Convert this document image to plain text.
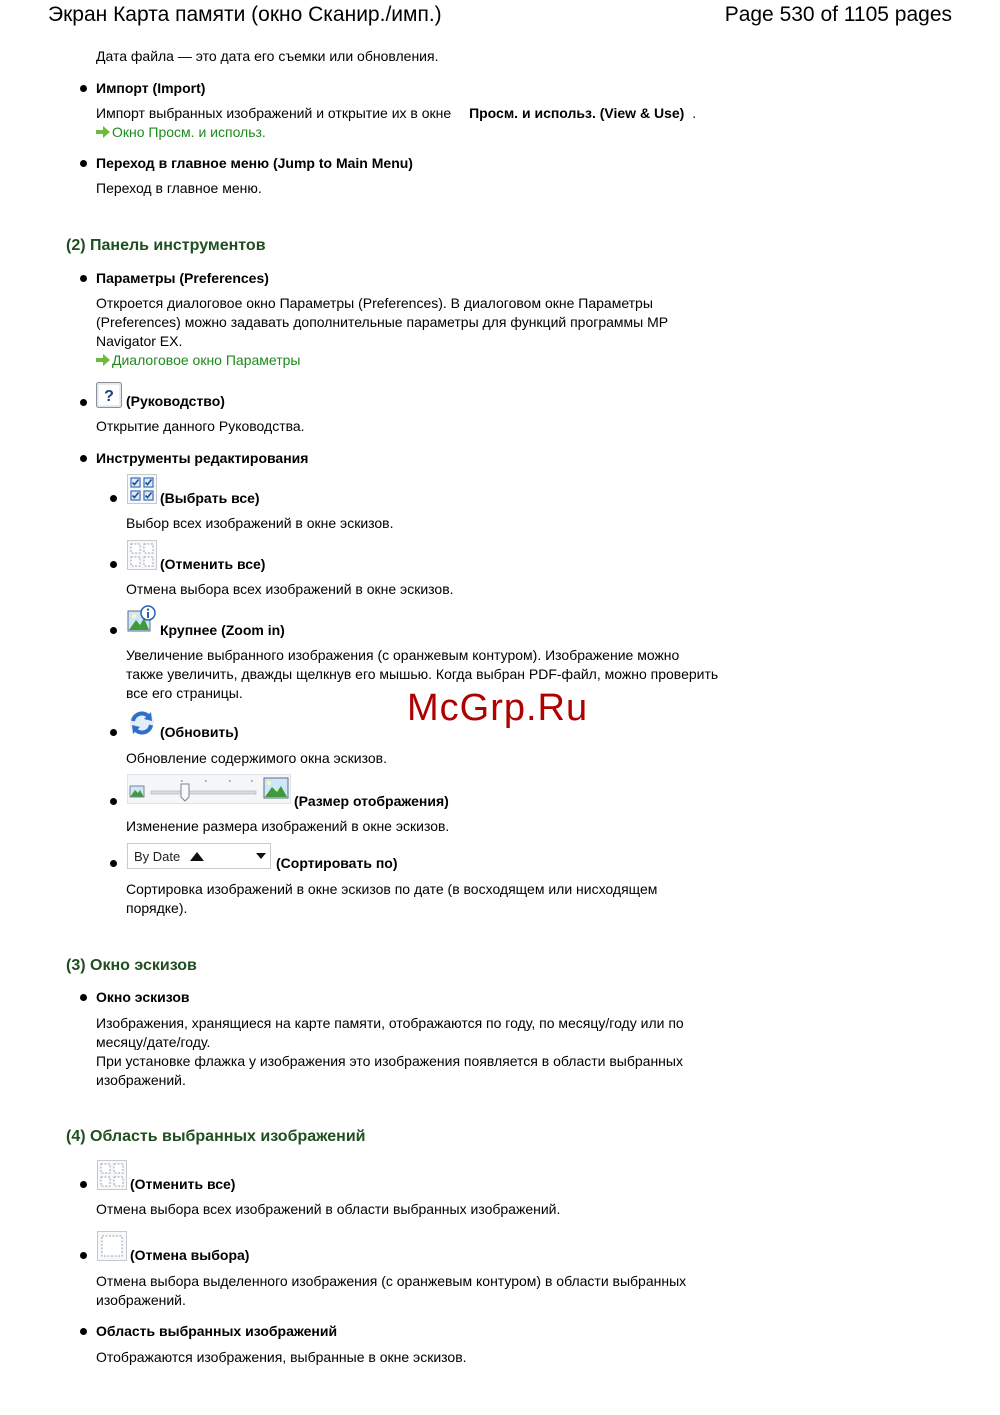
Экран Карта памяти (окно Сканир./имп.)	Page 530 of 1105 pages
Дата файла — это дата его съемки или обновления.
Импорт (Import)
Импорт выбранных изображений и открытие их в окне Просм. и использ. (View & Use) .
Окно Просм. и использ.
Переход в главное меню (Jump to Main Menu)
Переход в главное меню.
(2) Панель инструментов
Параметры (Preferences)
Откроется диалоговое окно Параметры (Preferences). В диалоговом окне Параметры
(Preferences) можно задавать дополнительные параметры для функций программы MP
Navigator EX.
Диалоговое окно Параметры
? (Руководство)
Открытие данного Руководства.
Инструменты редактирования
(Выбрать все)
Выбор всех изображений в окне эскизов.
(Отменить все)
Отмена выбора всех изображений в окне эскизов.
Крупнее (Zoom in)
Увеличение выбранного изображения (с оранжевым контуром). Изображение можно
также увеличить, дважды щелкнув его мышью. Когда выбран PDF-файл, можно проверить
все его страницы.
(Обновить)
Обновление содержимого окна эскизов.
(Размер отображения)
Изменение размера изображений в окне эскизов.
By Date	(Сортировать по)
Сортировка изображений в окне эскизов по дате (в восходящем или нисходящем
порядке).
(3) Окно эскизов
Окно эскизов
Изображения, хранящиеся на карте памяти, отображаются по году, по месяцу/году или по
месяцу/дате/году.
При установке флажка у изображения это изображения появляется в области выбранных
изображений.
(4) Область выбранных изображений
(Отменить все)
Отмена выбора всех изображений в области выбранных изображений.
(Отмена выбора)
Отмена выбора выделенного изображения (с оранжевым контуром) в области выбранных
изображений.
Область выбранных изображений
Отображаются изображения, выбранные в окне эскизов.
McGrp.Ru
